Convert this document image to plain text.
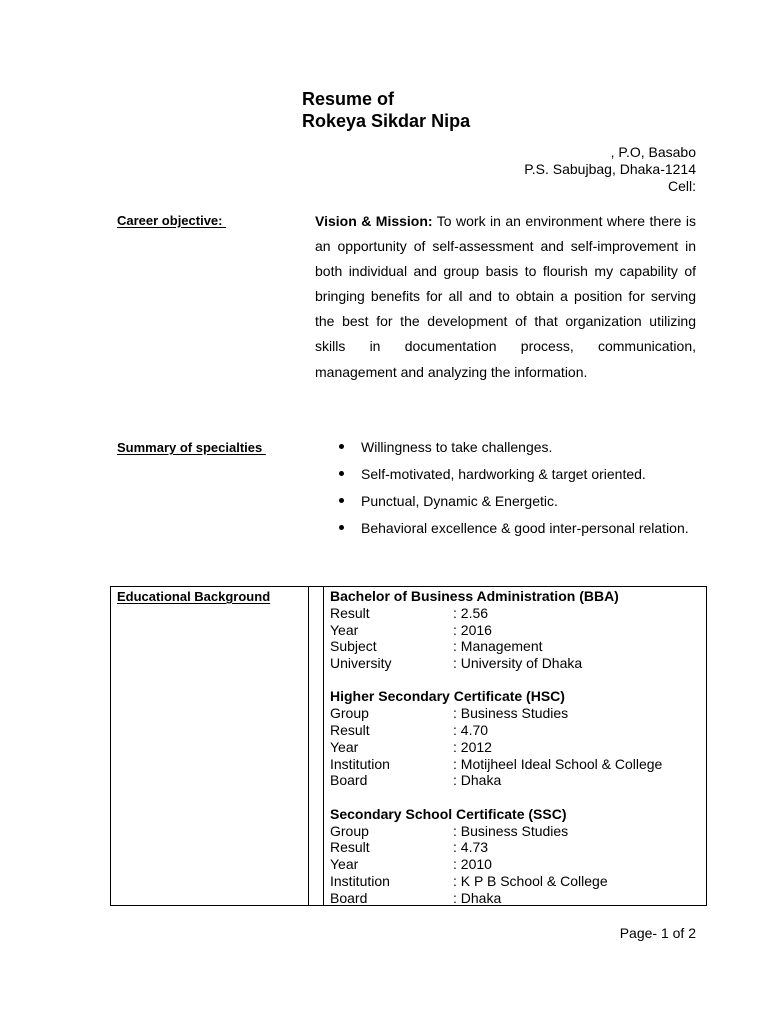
Resume of
Rokeya Sikdar Nipa
, P.O, Basabo
P.S. Sabujbag, Dhaka-1214
Cell:
Career objective:	Vision & Mission: To work in an environment where there is an opportunity of self-assessment and self-improvement in both individual and group basis to flourish my capability of bringing benefits for all and to obtain a position for serving the best for the development of that organization utilizing skills in documentation process, communication, management and analyzing the information.
Summary of specialties	Willingness to take challenges.
Self-motivated, hardworking & target oriented.
Punctual, Dynamic & Energetic.
Behavioral excellence & good inter-personal relation.
Educational Background	Bachelor of Business Administration (BBA)
Result	: 2.56
Year	: 2016
Subject	: Management
University	: University of Dhaka
Higher Secondary Certificate (HSC)
Group	: Business Studies
Result	: 4.70
Year	: 2012
Institution	: Motijheel Ideal School & College
Board	: Dhaka
Secondary School Certificate (SSC)
Group	: Business Studies
Result	: 4.73
Year	: 2010
Institution	: K P B School & College
Board	: Dhaka
Page- 1 of 2
